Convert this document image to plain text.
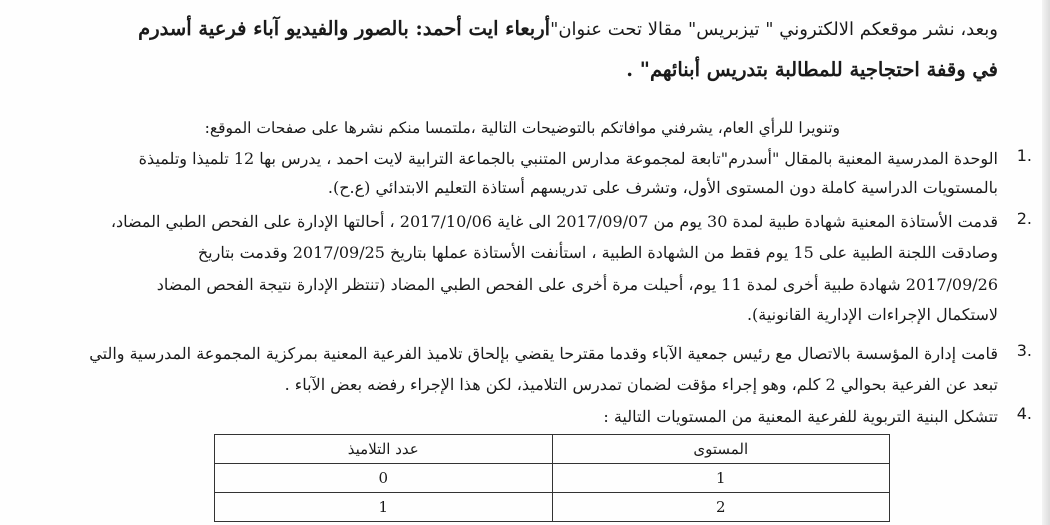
وبعد، نشر موقعكم الالكتروني " تيزبريس" مقالا تحت عنوان"أربعاء ايت أحمد: بالصور والفيديو آباء فرعية أسدرم
في وقفة احتجاجية للمطالبة بتدريس أبنائهم" .
وتنويرا للرأي العام، يشرفني موافاتكم بالتوضيحات التالية ،ملتمسا منكم نشرها على صفحات الموقع:
1.
الوحدة المدرسية المعنية بالمقال "أسدرم"تابعة لمجموعة مدارس المتنبي بالجماعة الترابية لايت احمد ، يدرس بها 12 تلميذا وتلميذة
بالمستويات الدراسية كاملة دون المستوى الأول، وتشرف على تدريسهم أستاذة التعليم الابتدائي (ع.ح).
2.
قدمت الأستاذة المعنية شهادة طبية لمدة 30 يوم من 2017/09/07 الى غاية 2017/10/06 ، أحالتها الإدارة على الفحص الطبي المضاد،
وصادقت اللجنة الطبية على 15 يوم فقط من الشهادة الطبية ، استأنفت الأستاذة عملها بتاريخ 2017/09/25 وقدمت بتاريخ
2017/09/26 شهادة طبية أخرى لمدة 11 يوم، أحيلت مرة أخرى على الفحص الطبي المضاد (تنتظر الإدارة نتيجة الفحص المضاد
لاستكمال الإجراءات الإدارية القانونية).
3.
قامت إدارة المؤسسة بالاتصال مع رئيس جمعية الآباء وقدما مقترحا يقضي بإلحاق تلاميذ الفرعية المعنية بمركزية المجموعة المدرسية والتي
تبعد عن الفرعية بحوالي 2 كلم، وهو إجراء مؤقت لضمان تمدرس التلاميذ، لكن هذا الإجراء رفضه بعض الآباء .
4.
تتشكل البنية التربوية للفرعية المعنية من المستويات التالية :
المستوى	عدد التلاميذ
1	0
2	1
